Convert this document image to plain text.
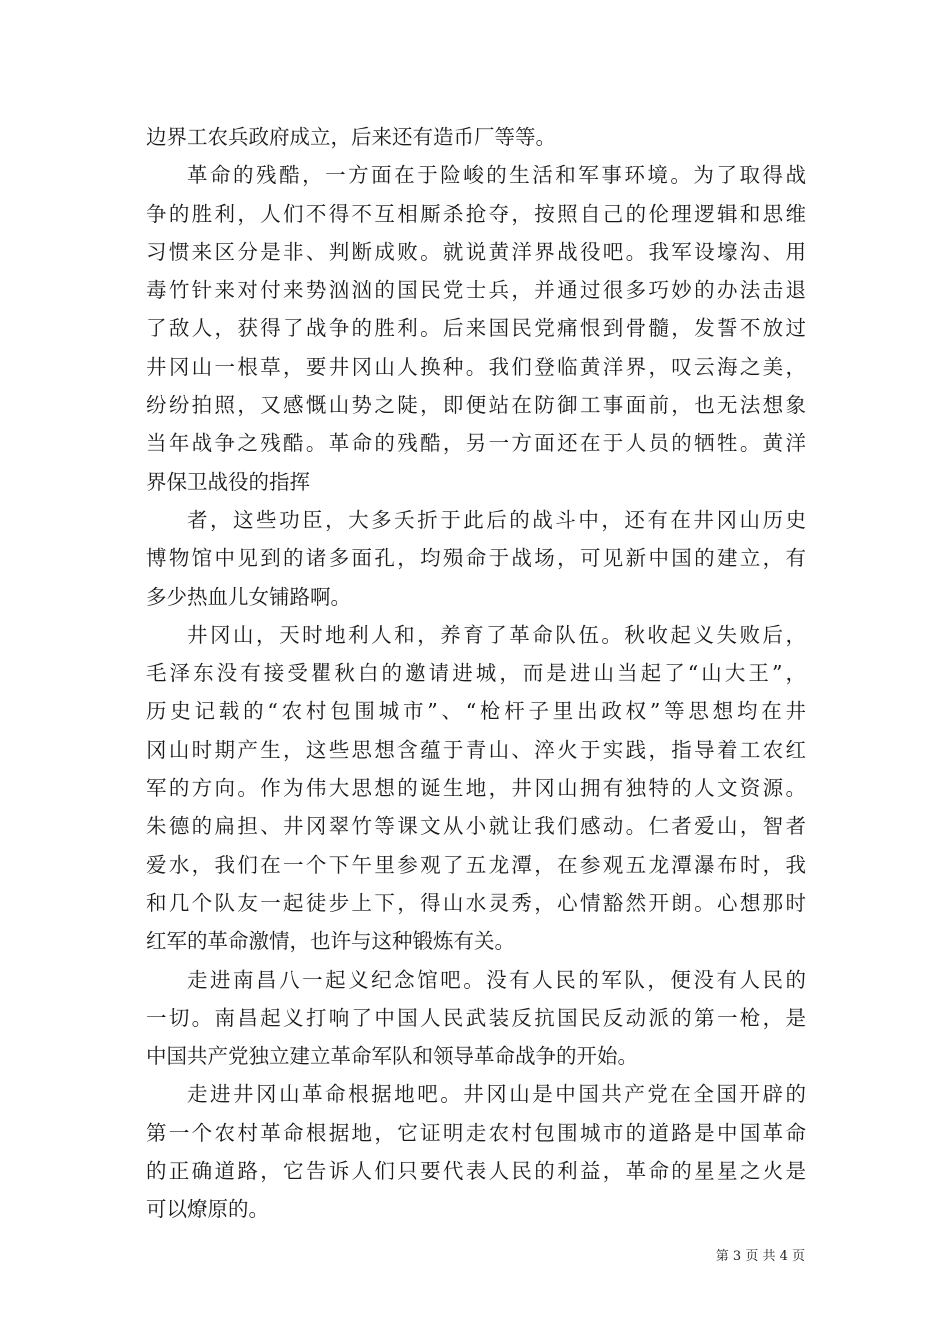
边界工农兵政府成立，后来还有造币厂等等。
革命的残酷，一方面在于险峻的生活和军事环境。为了取得战
争的胜利，人们不得不互相厮杀抢夺，按照自己的伦理逻辑和思维
习惯来区分是非、判断成败。就说黄洋界战役吧。我军设壕沟、用
毒竹针来对付来势汹汹的国民党士兵，并通过很多巧妙的办法击退
了敌人，获得了战争的胜利。后来国民党痛恨到骨髓，发誓不放过
井冈山一根草，要井冈山人换种。我们登临黄洋界，叹云海之美，
纷纷拍照，又感慨山势之陡，即便站在防御工事面前，也无法想象
当年战争之残酷。革命的残酷，另一方面还在于人员的牺牲。黄洋
界保卫战役的指挥
者，这些功臣，大多夭折于此后的战斗中，还有在井冈山历史
博物馆中见到的诸多面孔，均殒命于战场，可见新中国的建立，有
多少热血儿女铺路啊。
井冈山，天时地利人和，养育了革命队伍。秋收起义失败后，
毛泽东没有接受瞿秋白的邀请进城，而是进山当起了“山大王”，
历史记载的“农村包围城市”、“枪杆子里出政权”等思想均在井
冈山时期产生，这些思想含蕴于青山、淬火于实践，指导着工农红
军的方向。作为伟大思想的诞生地，井冈山拥有独特的人文资源。
朱德的扁担、井冈翠竹等课文从小就让我们感动。仁者爱山，智者
爱水，我们在一个下午里参观了五龙潭，在参观五龙潭瀑布时，我
和几个队友一起徒步上下，得山水灵秀，心情豁然开朗。心想那时
红军的革命激情，也许与这种锻炼有关。
走进南昌八一起义纪念馆吧。没有人民的军队，便没有人民的
一切。南昌起义打响了中国人民武装反抗国民反动派的第一枪，是
中国共产党独立建立革命军队和领导革命战争的开始。
走进井冈山革命根据地吧。井冈山是中国共产党在全国开辟的
第一个农村革命根据地，它证明走农村包围城市的道路是中国革命
的正确道路，它告诉人们只要代表人民的利益，革命的星星之火是
可以燎原的。
第 3 页 共 4 页
